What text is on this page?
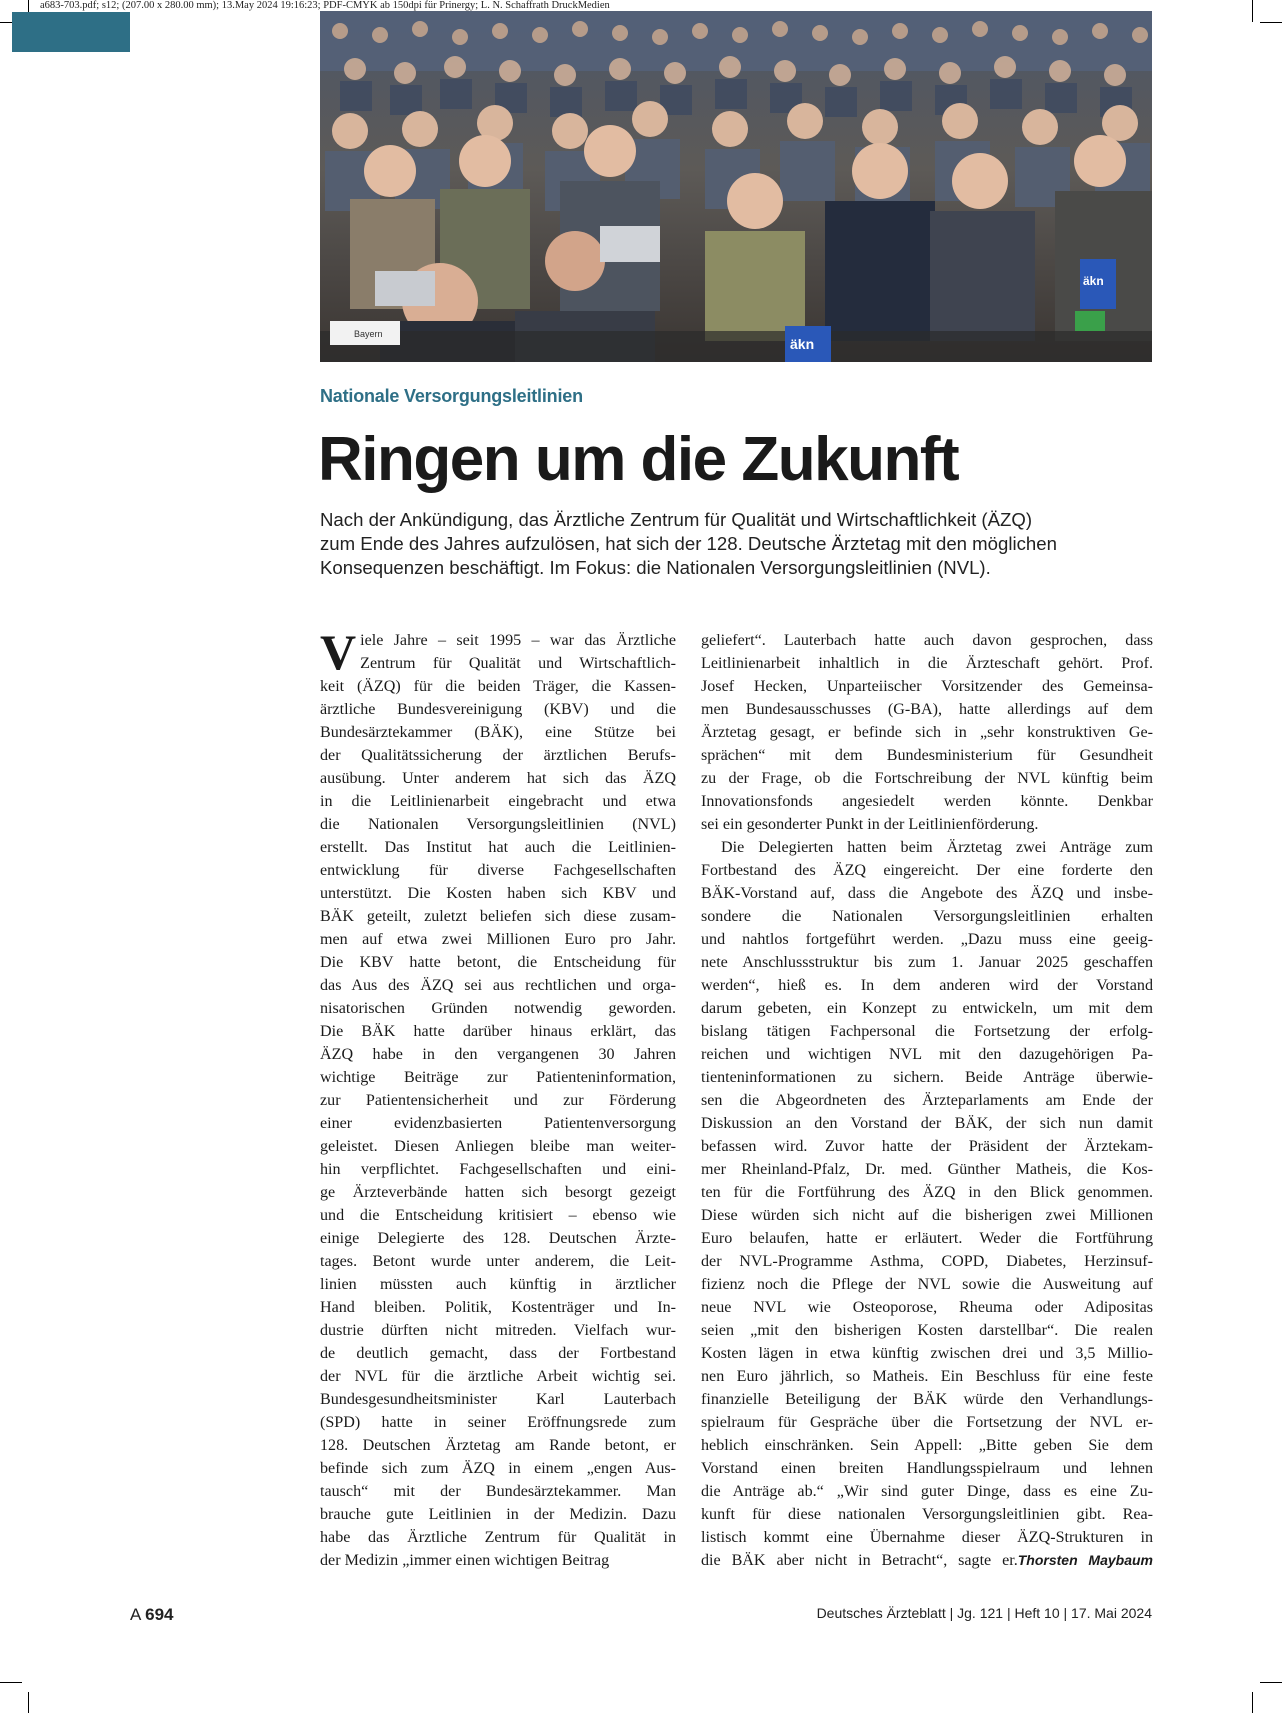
a683-703.pdf; s12; (207.00 x 280.00 mm); 13.May 2024 19:16:23; PDF-CMYK ab 150dpi für Prinergy; L. N. Schaffrath DruckMedien
Bayern
äkn
äkn
Nationale Versorgungsleitlinien
Ringen um die Zukunft

Nach der Ankündigung, das Ärztliche Zentrum für Qualität und Wirtschaftlichkeit (ÄZQ)
zum Ende des Jahres aufzulösen, hat sich der 128. Deutsche Ärztetag mit den möglichen
Konsequenzen beschäftigt. Im Fokus: die Nationalen Versorgungsleitlinien (NVL).

V iele Jahre – seit 1995 – war das Ärztliche
Zentrum für Qualität und Wirtschaftlich-
keit (ÄZQ) für die beiden Träger, die Kassen-
ärztliche Bundesvereinigung (KBV) und die
Bundesärztekammer (BÄK), eine Stütze bei
der Qualitätssicherung der ärztlichen Berufs-
ausübung. Unter anderem hat sich das ÄZQ
in die Leitlinienarbeit eingebracht und etwa
die Nationalen Versorgungsleitlinien (NVL)
erstellt. Das Institut hat auch die Leitlinien-
entwicklung für diverse Fachgesellschaften
unterstützt. Die Kosten haben sich KBV und
BÄK geteilt, zuletzt beliefen sich diese zusam-
men auf etwa zwei Millionen Euro pro Jahr.
Die KBV hatte betont, die Entscheidung für
das Aus des ÄZQ sei aus rechtlichen und orga-
nisatorischen Gründen notwendig geworden.
Die BÄK hatte darüber hinaus erklärt, das
ÄZQ habe in den vergangenen 30 Jahren
wichtige Beiträge zur Patienteninformation,
zur Patientensicherheit und zur Förderung
einer evidenzbasierten Patientenversorgung
geleistet. Diesen Anliegen bleibe man weiter-
hin verpflichtet. Fachgesellschaften und eini-
ge Ärzteverbände hatten sich besorgt gezeigt
und die Entscheidung kritisiert – ebenso wie
einige Delegierte des 128. Deutschen Ärzte-
tages. Betont wurde unter anderem, die Leit-
linien müssten auch künftig in ärztlicher
Hand bleiben. Politik, Kostenträger und In-
dustrie dürften nicht mitreden. Vielfach wur-
de deutlich gemacht, dass der Fortbestand
der NVL für die ärztliche Arbeit wichtig sei.
Bundesgesundheitsminister Karl Lauterbach
(SPD) hatte in seiner Eröffnungsrede zum
128. Deutschen Ärztetag am Rande betont, er
befinde sich zum ÄZQ in einem „engen Aus-
tausch“ mit der Bundesärztekammer. Man
brauche gute Leitlinien in der Medizin. Dazu
habe das Ärztliche Zentrum für Qualität in
der Medizin „immer einen wichtigen Beitrag
geliefert“. Lauterbach hatte auch davon gesprochen, dass
Leitlinienarbeit inhaltlich in die Ärzteschaft gehört. Prof.
Josef Hecken, Unparteiischer Vorsitzender des Gemeinsa-
men Bundesausschusses (G-BA), hatte allerdings auf dem
Ärztetag gesagt, er befinde sich in „sehr konstruktiven Ge-
sprächen“ mit dem Bundesministerium für Gesundheit
zu der Frage, ob die Fortschreibung der NVL künftig beim
Innovationsfonds angesiedelt werden könnte. Denkbar
sei ein gesonderter Punkt in der Leitlinienförderung.
Die Delegierten hatten beim Ärztetag zwei Anträge zum
Fortbestand des ÄZQ eingereicht. Der eine forderte den
BÄK-Vorstand auf, dass die Angebote des ÄZQ und insbe-
sondere die Nationalen Versorgungsleitlinien erhalten
und nahtlos fortgeführt werden. „Dazu muss eine geeig-
nete Anschlussstruktur bis zum 1. Januar 2025 geschaffen
werden“, hieß es. In dem anderen wird der Vorstand
darum gebeten, ein Konzept zu entwickeln, um mit dem
bislang tätigen Fachpersonal die Fortsetzung der erfolg-
reichen und wichtigen NVL mit den dazugehörigen Pa-
tienteninformationen zu sichern. Beide Anträge überwie-
sen die Abgeordneten des Ärzteparlaments am Ende der
Diskussion an den Vorstand der BÄK, der sich nun damit
befassen wird. Zuvor hatte der Präsident der Ärztekam-
mer Rheinland-Pfalz, Dr. med. Günther Matheis, die Kos-
ten für die Fortführung des ÄZQ in den Blick genommen.
Diese würden sich nicht auf die bisherigen zwei Millionen
Euro belaufen, hatte er erläutert. Weder die Fortführung
der NVL-Programme Asthma, COPD, Diabetes, Herzinsuf-
fizienz noch die Pflege der NVL sowie die Ausweitung auf
neue NVL wie Osteoporose, Rheuma oder Adipositas
seien „mit den bisherigen Kosten darstellbar“. Die realen
Kosten lägen in etwa künftig zwischen drei und 3,5 Millio-
nen Euro jährlich, so Matheis. Ein Beschluss für eine feste
finanzielle Beteiligung der BÄK würde den Verhandlungs-
spielraum für Gespräche über die Fortsetzung der NVL er-
heblich einschränken. Sein Appell: „Bitte geben Sie dem
Vorstand einen breiten Handlungsspielraum und lehnen
die Anträge ab.“ „Wir sind guter Dinge, dass es eine Zu-
kunft für diese nationalen Versorgungsleitlinien gibt. Rea-
listisch kommt eine Übernahme dieser ÄZQ-Strukturen in
die BÄK aber nicht in Betracht“, sagte er.Thorsten Maybaum
A 694	Deutsches Ärzteblatt | Jg. 121 | Heft 10 | 17. Mai 2024
